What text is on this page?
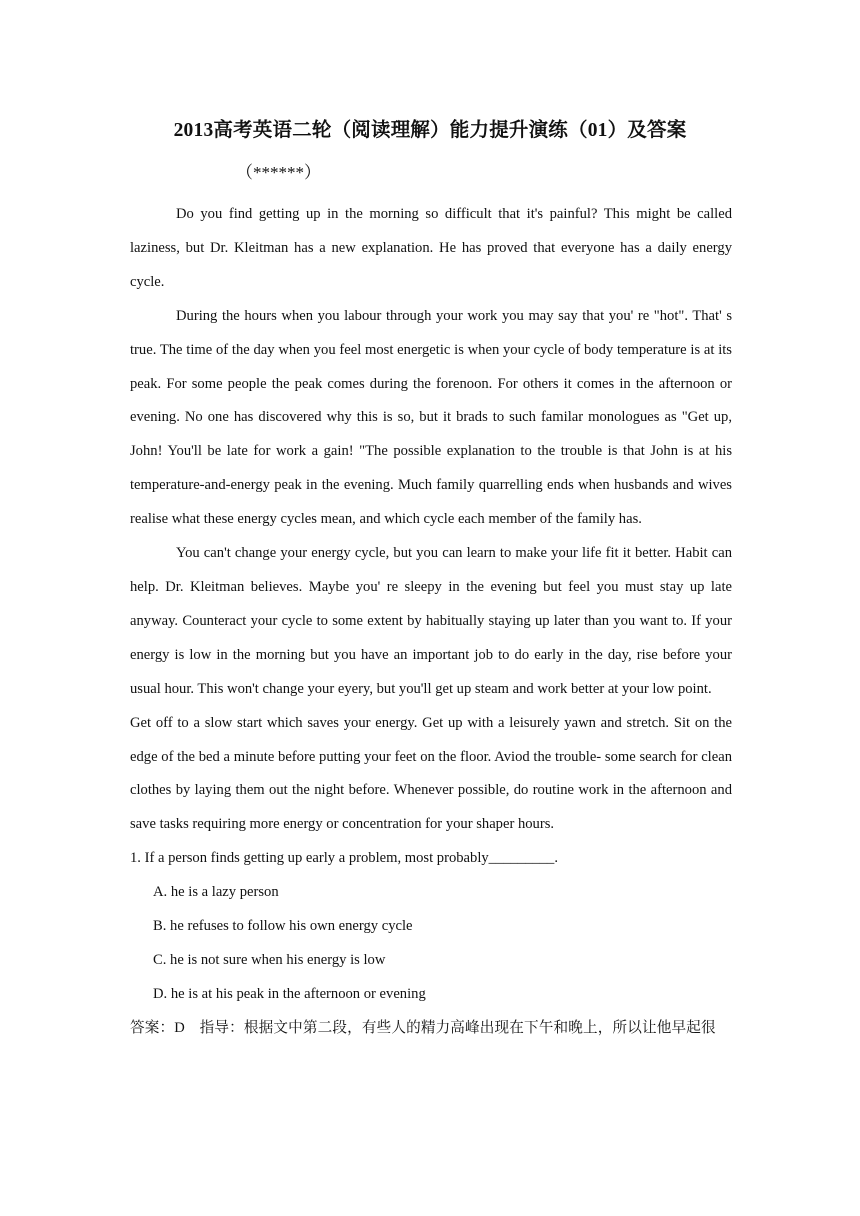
2013高考英语二轮（阅读理解）能力提升演练（01）及答案
（******）

Do you find getting up in the morning so difficult that it's painful? This might be called laziness, but Dr. Kleitman has a new explanation. He has proved that everyone has a daily energy cycle.

During the hours when you labour through your work you may say that you' re "hot". That' s true. The time of the day when you feel most energetic is when your cycle of body temperature is at its peak. For some people the peak comes during the forenoon. For others it comes in the afternoon or evening. No one has discovered why this is so, but it brads to such familar monologues as "Get up, John! You'll be late for work a gain! "The possible explanation to the trouble is that John is at his temperature-and-energy peak in the evening. Much family quarrelling ends when husbands and wives realise what these energy cycles mean, and which cycle each member of the family has.

You can't change your energy cycle, but you can learn to make your life fit it better. Habit can help. Dr. Kleitman believes. Maybe you' re sleepy in the evening but feel you must stay up late anyway. Counteract your cycle to some extent by habitually staying up later than you want to. If your energy is low in the morning but you have an important job to do early in the day, rise before your usual hour. This won't change your eyery, but you'll get up steam and work better at your low point.

Get off to a slow start which saves your energy. Get up with a leisurely yawn and stretch. Sit on the edge of the bed a minute before putting your feet on the floor. Aviod the trouble- some search for clean clothes by laying them out the night before. Whenever possible, do routine work in the afternoon and save tasks requiring more energy or concentration for your shaper hours.

1. If a person finds getting up early a problem, most probably_________.

A. he is a lazy person

B. he refuses to follow his own energy cycle

C. he is not sure when his energy is low

D. he is at his peak in the afternoon or evening

答案：D　指导：根据文中第二段，有些人的精力高峰出现在下午和晚上，所以让他早起很
